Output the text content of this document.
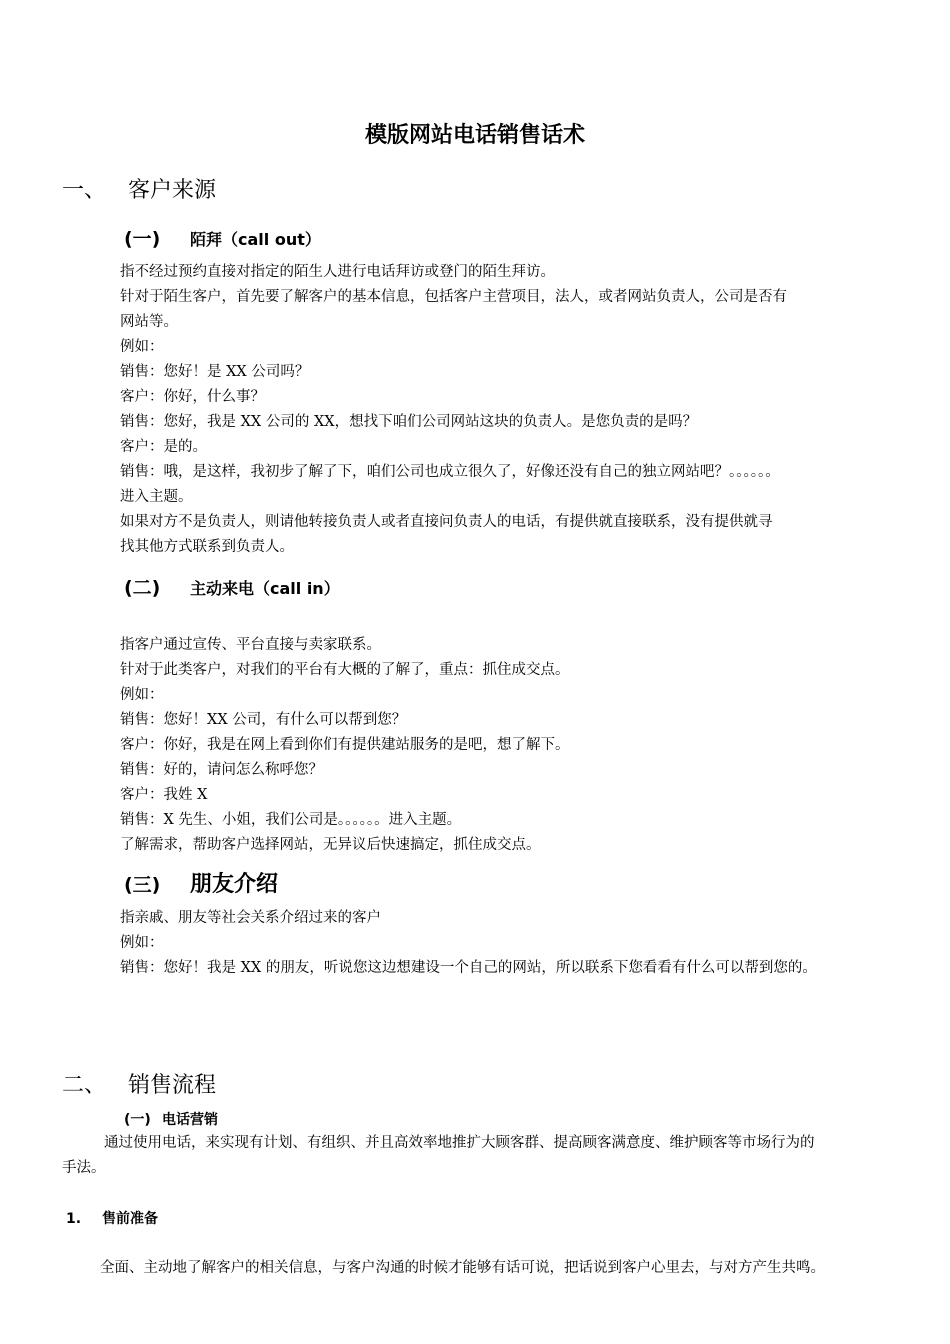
模版网站电话销售话术
一、 客户来源
(一) 陌拜（call out）
指不经过预约直接对指定的陌生人进行电话拜访或登门的陌生拜访。
针对于陌生客户，首先要了解客户的基本信息，包括客户主营项目，法人，或者网站负责人，公司是否有
网站等。
例如：
销售：您好！是 XX 公司吗？
客户：你好，什么事？
销售：您好，我是 XX 公司的 XX，想找下咱们公司网站这块的负责人。是您负责的是吗？
客户：是的。
销售：哦，是这样，我初步了解了下，咱们公司也成立很久了，好像还没有自己的独立网站吧？。。。。。。
进入主题。
如果对方不是负责人，则请他转接负责人或者直接问负责人的电话，有提供就直接联系，没有提供就寻
找其他方式联系到负责人。
(二) 主动来电（call in）
指客户通过宣传、平台直接与卖家联系。
针对于此类客户，对我们的平台有大概的了解了，重点：抓住成交点。
例如：
销售：您好！XX 公司，有什么可以帮到您？
客户：你好，我是在网上看到你们有提供建站服务的是吧，想了解下。
销售：好的，请问怎么称呼您？
客户：我姓 X
销售：X 先生、小姐，我们公司是。。。。。。进入主题。
了解需求，帮助客户选择网站，无异议后快速搞定，抓住成交点。
(三) 朋友介绍
指亲戚、朋友等社会关系介绍过来的客户
例如：
销售：您好！我是 XX 的朋友，听说您这边想建设一个自己的网站，所以联系下您看看有什么可以帮到您的。
二、 销售流程
(一) 电话营销
通过使用电话，来实现有计划、有组织、并且高效率地推扩大顾客群、提高顾客满意度、维护顾客等市场行为的
手法。
1. 售前准备
全面、主动地了解客户的相关信息，与客户沟通的时候才能够有话可说，把话说到客户心里去，与对方产生共鸣。
